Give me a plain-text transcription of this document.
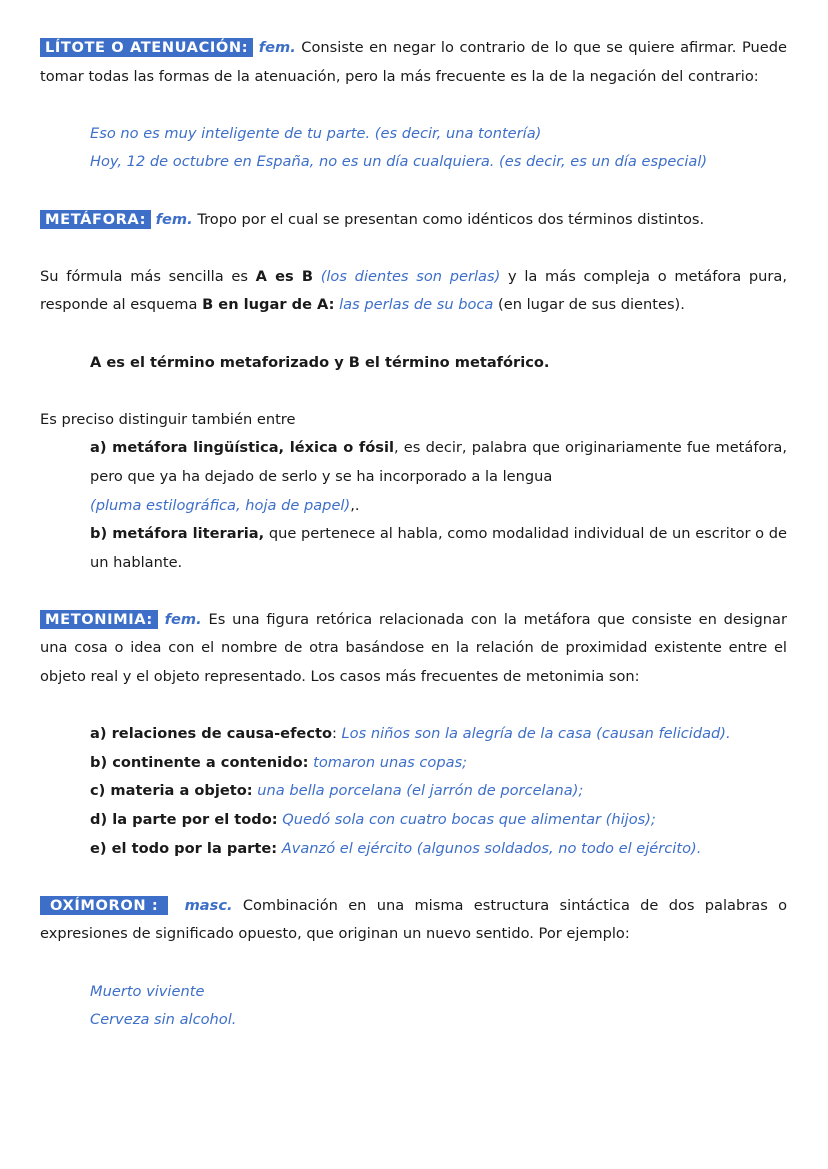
LÍTOTE O ATENUACIÓN: fem. Consiste en negar lo contrario de lo que se quiere afirmar. Puede tomar todas las formas de la atenuación, pero la más frecuente es la de la negación del contrario:

Eso no es muy inteligente de tu parte. (es decir, una tontería)

Hoy, 12 de octubre en España, no es un día cualquiera. (es decir, es un día especial)

METÁFORA: fem. Tropo por el cual se presentan como idénticos dos términos distintos.

Su fórmula más sencilla es A es B (los dientes son perlas) y la más compleja o metáfora pura, responde al esquema B en lugar de A: las perlas de su boca (en lugar de sus dientes).

A es el término metaforizado y B el término metafórico.

Es preciso distinguir también entre

a) metáfora lingüística, léxica o fósil, es decir, palabra que originariamente fue metáfora, pero que ya ha dejado de serlo y se ha incorporado a la lengua
(pluma estilográfica, hoja de papel),.

b) metáfora literaria, que pertenece al habla, como modalidad individual de un escritor o de un hablante.

METONIMIA: fem. Es una figura retórica relacionada con la metáfora que consiste en designar una cosa o idea con el nombre de otra basándose en la relación de proximidad existente entre el objeto real y el objeto representado. Los casos más frecuentes de metonimia son:

a) relaciones de causa-efecto: Los niños son la alegría de la casa (causan felicidad).

b) continente a contenido: tomaron unas copas;

c) materia a objeto: una bella porcelana (el jarrón de porcelana);

d) la parte por el todo: Quedó sola con cuatro bocas que alimentar (hijos);

e) el todo por la parte: Avanzó el ejército (algunos soldados, no todo el ejército).

OXÍMORON : masc. Combinación en una misma estructura sintáctica de dos palabras o expresiones de significado opuesto, que originan un nuevo sentido. Por ejemplo:

Muerto viviente

Cerveza sin alcohol.
